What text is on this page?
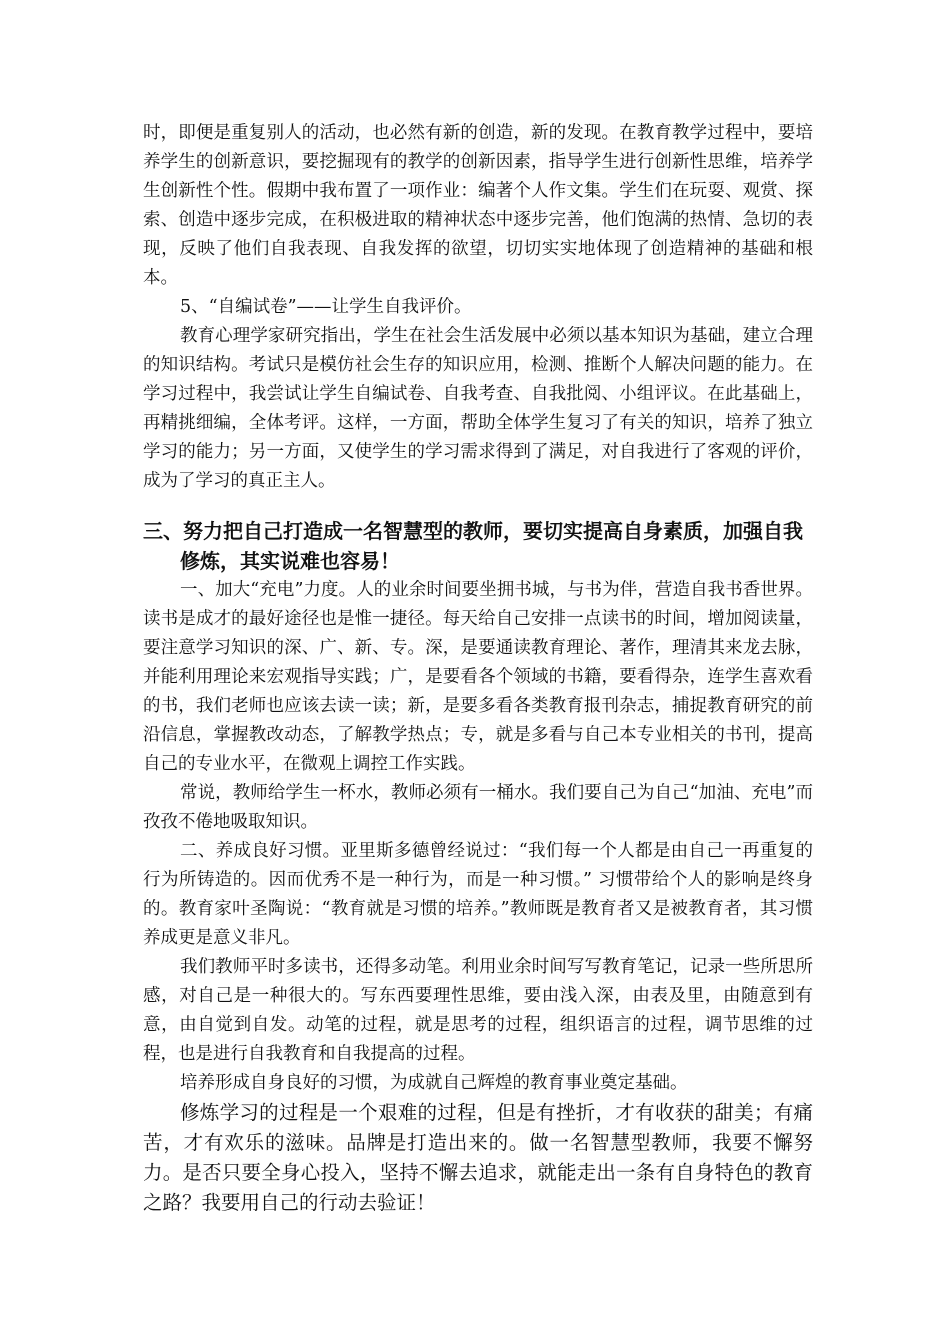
时，即便是重复别人的活动，也必然有新的创造，新的发现。在教育教学过程中，要培养学生的创新意识，要挖掘现有的教学的创新因素，指导学生进行创新性思维，培养学生创新性个性。假期中我布置了一项作业：编著个人作文集。学生们在玩耍、观赏、探索、创造中逐步完成，在积极进取的精神状态中逐步完善，他们饱满的热情、急切的表现，反映了他们自我表现、自我发挥的欲望，切切实实地体现了创造精神的基础和根本。

5、“自编试卷”——让学生自我评价。

教育心理学家研究指出，学生在社会生活发展中必须以基本知识为基础，建立合理的知识结构。考试只是模仿社会生存的知识应用，检测、推断个人解决问题的能力。在学习过程中，我尝试让学生自编试卷、自我考查、自我批阅、小组评议。在此基础上，再精挑细编，全体考评。这样，一方面，帮助全体学生复习了有关的知识，培养了独立学习的能力；另一方面，又使学生的学习需求得到了满足，对自我进行了客观的评价，成为了学习的真正主人。

三、努力把自己打造成一名智慧型的教师，要切实提高自身素质，加强自我修炼，其实说难也容易！

一、加大“充电”力度。人的业余时间要坐拥书城，与书为伴，营造自我书香世界。读书是成才的最好途径也是惟一捷径。每天给自己安排一点读书的时间，增加阅读量，要注意学习知识的深、广、新、专。深，是要通读教育理论、著作，理清其来龙去脉，并能利用理论来宏观指导实践；广，是要看各个领域的书籍，要看得杂，连学生喜欢看的书，我们老师也应该去读一读；新，是要多看各类教育报刊杂志，捕捉教育研究的前沿信息，掌握教改动态，了解教学热点；专，就是多看与自己本专业相关的书刊，提高自己的专业水平，在微观上调控工作实践。

常说，教师给学生一杯水，教师必须有一桶水。我们要自己为自己“加油、充电”而孜孜不倦地吸取知识。

二、养成良好习惯。亚里斯多德曾经说过：“我们每一个人都是由自己一再重复的行为所铸造的。因而优秀不是一种行为，而是一种习惯。” 习惯带给个人的影响是终身的。教育家叶圣陶说：“教育就是习惯的培养。”教师既是教育者又是被教育者，其习惯养成更是意义非凡。

我们教师平时多读书，还得多动笔。利用业余时间写写教育笔记，记录一些所思所感，对自己是一种很大的。写东西要理性思维，要由浅入深，由表及里，由随意到有意，由自觉到自发。动笔的过程，就是思考的过程，组织语言的过程，调节思维的过程，也是进行自我教育和自我提高的过程。

培养形成自身良好的习惯，为成就自己辉煌的教育事业奠定基础。

修炼学习的过程是一个艰难的过程，但是有挫折，才有收获的甜美；有痛苦，才有欢乐的滋味。品牌是打造出来的。做一名智慧型教师，我要不懈努力。是否只要全身心投入，坚持不懈去追求，就能走出一条有自身特色的教育之路？我要用自己的行动去验证！
